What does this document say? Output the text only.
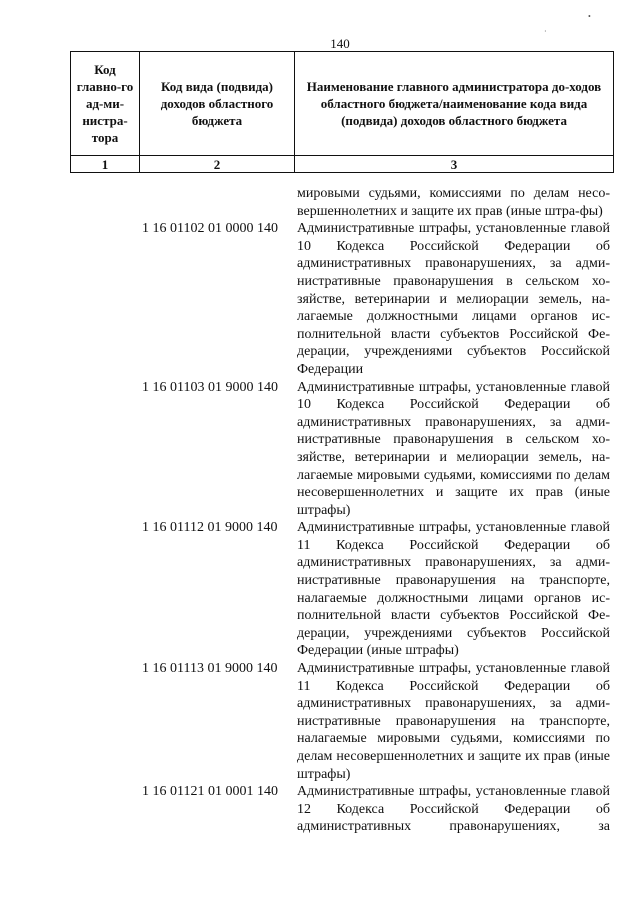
•
·
140
Код главно-го ад-ми-нистра-тора	Код вида (подвида) доходов областного бюджета	Наименование главного администратора до-ходов областного бюджета/наименование кода вида (подвида) доходов областного бюджета
1	2	3
мировыми судьями, комиссиями по делам несо-вершеннолетних и защите их прав (иные штра-фы)
1 16 01102 01 0000 140	Административные штрафы, установленные главой 10 Кодекса Российской Федерации об административных правонарушениях, за адми-нистративные правонарушения в сельском хо-зяйстве, ветеринарии и мелиорации земель, на-лагаемые должностными лицами органов ис-полнительной власти субъектов Российской Фе-дерации, учреждениями субъектов Российской Федерации
1 16 01103 01 9000 140	Административные штрафы, установленные главой 10 Кодекса Российской Федерации об административных правонарушениях, за адми-нистративные правонарушения в сельском хо-зяйстве, ветеринарии и мелиорации земель, на-лагаемые мировыми судьями, комиссиями по делам несовершеннолетних и защите их прав (иные штрафы)
1 16 01112 01 9000 140	Административные штрафы, установленные главой 11 Кодекса Российской Федерации об административных правонарушениях, за адми-нистративные правонарушения на транспорте, налагаемые должностными лицами органов ис-полнительной власти субъектов Российской Фе-дерации, учреждениями субъектов Российской Федерации (иные штрафы)
1 16 01113 01 9000 140	Административные штрафы, установленные главой 11 Кодекса Российской Федерации об административных правонарушениях, за адми-нистративные правонарушения на транспорте, налагаемые мировыми судьями, комиссиями по делам несовершеннолетних и защите их прав (иные штрафы)
1 16 01121 01 0001 140	Административные штрафы, установленные главой 12 Кодекса Российской Федерации об административных правонарушениях, за
